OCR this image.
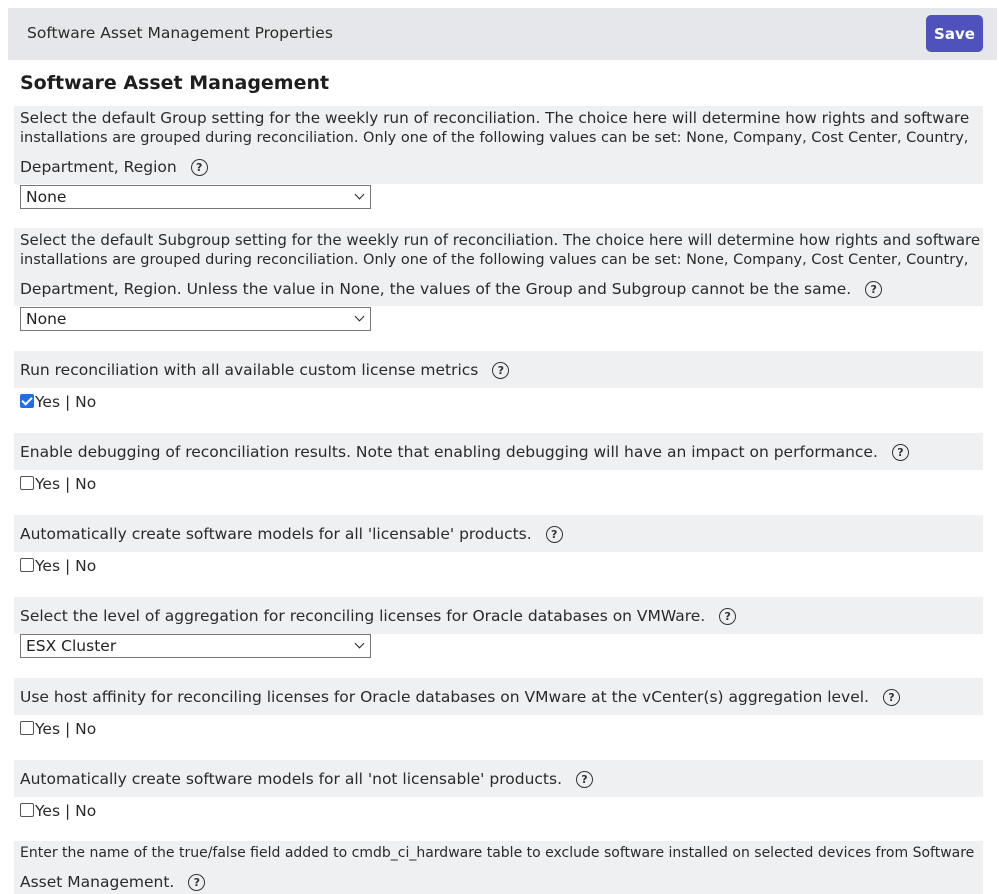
Software Asset Management Properties	Save
Software Asset Management
Select the default Group setting for the weekly run of reconciliation. The choice here will determine how rights and software
installations are grouped during reconciliation. Only one of the following values can be set: None, Company, Cost Center, Country,
Department, Region ?
None
Select the default Subgroup setting for the weekly run of reconciliation. The choice here will determine how rights and software
installations are grouped during reconciliation. Only one of the following values can be set: None, Company, Cost Center, Country,
Department, Region. Unless the value in None, the values of the Group and Subgroup cannot be the same. ?
None
Run reconciliation with all available custom license metrics ?
Yes | No
Enable debugging of reconciliation results. Note that enabling debugging will have an impact on performance. ?
Yes | No
Automatically create software models for all 'licensable' products. ?
Yes | No
Select the level of aggregation for reconciling licenses for Oracle databases on VMWare. ?
ESX Cluster
Use host affinity for reconciling licenses for Oracle databases on VMware at the vCenter(s) aggregation level. ?
Yes | No
Automatically create software models for all 'not licensable' products. ?
Yes | No
Enter the name of the true/false field added to cmdb_ci_hardware table to exclude software installed on selected devices from Software
Asset Management. ?
